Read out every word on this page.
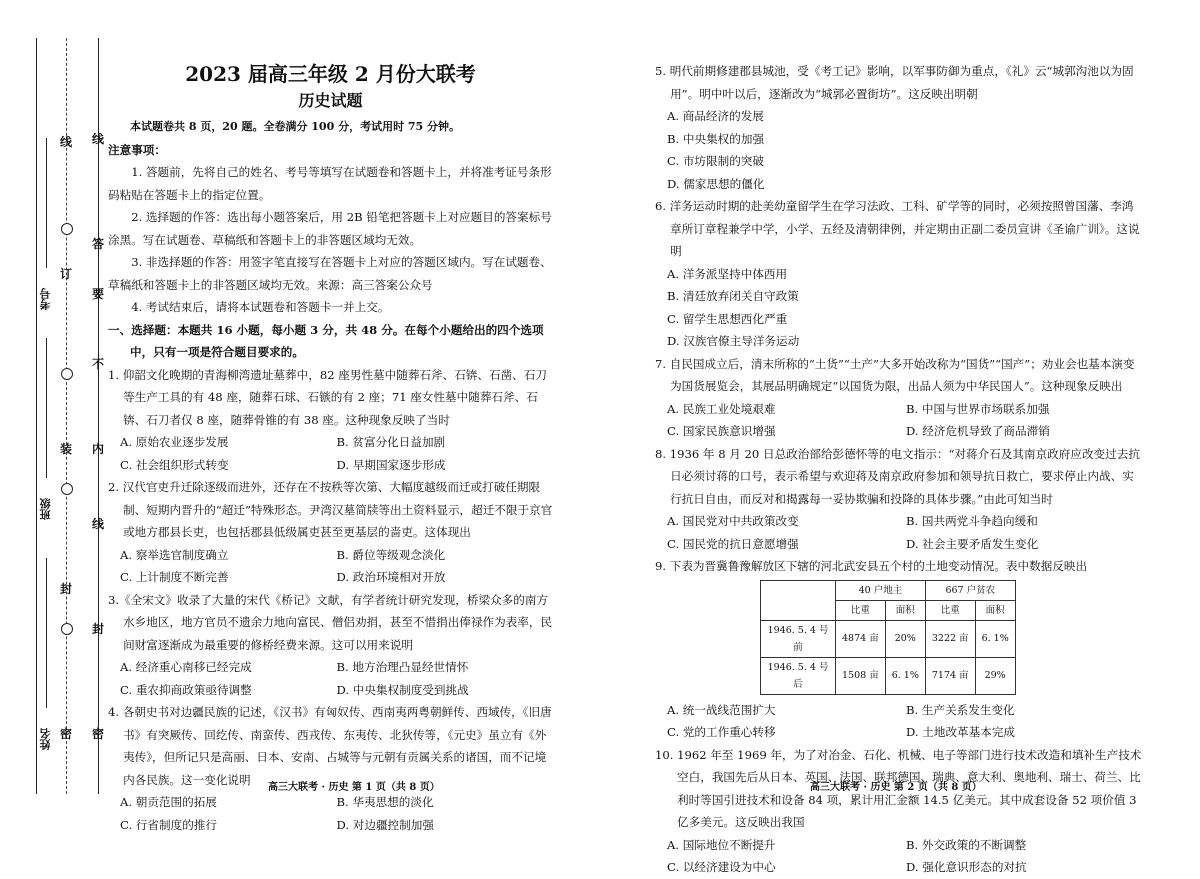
线
答
要
不
内
线
封
密
线
订
装
封
密
考号
班级
姓名

2023 届高三年级 2 月份大联考

历史试题

本试题卷共 8 页，20 题。全卷满分 100 分，考试用时 75 分钟。

注意事项：

1. 答题前，先将自己的姓名、考号等填写在试题卷和答题卡上，并将准考证号条形码粘贴在答题卡上的指定位置。

2. 选择题的作答：选出每小题答案后，用 2B 铅笔把答题卡上对应题目的答案标号涂黑。写在试题卷、草稿纸和答题卡上的非答题区域均无效。

3. 非选择题的作答：用签字笔直接写在答题卡上对应的答题区域内。写在试题卷、草稿纸和答题卡上的非答题区域均无效。来源：高三答案公众号

4. 考试结束后，请将本试题卷和答题卡一并上交。

一、选择题：本题共 16 小题，每小题 3 分，共 48 分。在每个小题给出的四个选项中，只有一项是符合题目要求的。

1. 仰韶文化晚期的青海柳湾遗址墓葬中，82 座男性墓中随葬石斧、石锛、石凿、石刀等生产工具的有 48 座，随葬石球、石镞的有 2 座；71 座女性墓中随葬石斧、石锛、石刀者仅 8 座，随葬骨锥的有 38 座。这种现象反映了当时

A. 原始农业逐步发展	B. 贫富分化日益加剧
C. 社会组织形式转变	D. 早期国家逐步形成

2. 汉代官吏升迁除逐级而进外，还存在不按秩等次第、大幅度越级而迁或打破任期限制、短期内晋升的“超迁”特殊形态。尹湾汉墓简牍等出土资料显示，超迁不限于京官或地方郡县长吏，也包括郡县低级属吏甚至更基层的啬吏。这体现出

A. 察举选官制度确立	B. 爵位等级观念淡化
C. 上计制度不断完善	D. 政治环境相对开放

3.《全宋文》收录了大量的宋代《桥记》文献，有学者统计研究发现，桥梁众多的南方水乡地区，地方官员不遗余力地向富民、僧侣劝捐，甚至不惜捐出俸禄作为表率，民间财富逐渐成为最重要的修桥经费来源。这可以用来说明

A. 经济重心南移已经完成	B. 地方治理凸显经世情怀
C. 重农抑商政策亟待调整	D. 中央集权制度受到挑战

4. 各朝史书对边疆民族的记述，《汉书》有匈奴传、西南夷两粤朝鲜传、西域传，《旧唐书》有突厥传、回纥传、南蛮传、西戎传、东夷传、北狄传等，《元史》虽立有《外夷传》，但所记只是高丽、日本、安南、占城等与元朝有贡属关系的诸国，而不记境内各民族。这一变化说明

A. 朝贡范围的拓展	B. 华夷思想的淡化
C. 行省制度的推行	D. 对边疆控制加强

5. 明代前期修建郡县城池，受《考工记》影响，以军事防御为重点，《礼》云“城郭沟池以为固用”。明中叶以后，逐渐改为“城郭必置街坊”。这反映出明朝

A. 商品经济的发展
B. 中央集权的加强
C. 市坊限制的突破
D. 儒家思想的僵化

6. 洋务运动时期的赴美幼童留学生在学习法政、工科、矿学等的同时，必须按照曾国藩、李鸿章所订章程兼学中学，小学、五经及清朝律例，并定期由正副二委员宣讲《圣谕广训》。这说明

A. 洋务派坚持中体西用
B. 清廷放弃闭关自守政策
C. 留学生思想西化严重
D. 汉族官僚主导洋务运动

7. 自民国成立后，清末所称的“土货”“土产”大多开始改称为“国货”“国产”；劝业会也基本演变为国货展览会，其展品明确规定“以国货为限，出品人须为中华民国人”。这种现象反映出

A. 民族工业处境艰难	B. 中国与世界市场联系加强
C. 国家民族意识增强	D. 经济危机导致了商品滞销

8. 1936 年 8 月 20 日总政治部给彭德怀等的电文指示：“对蒋介石及其南京政府应改变过去抗日必须讨蒋的口号，表示希望与欢迎蒋及南京政府参加和领导抗日救亡，要求停止内战、实行抗日自由，而反对和揭露每一妥协欺骗和投降的具体步骤。”由此可知当时

A. 国民党对中共政策改变	B. 国共两党斗争趋向缓和
C. 国民党的抗日意愿增强	D. 社会主要矛盾发生变化

9. 下表为晋冀鲁豫解放区下辖的河北武安县五个村的土地变动情况。表中数据反映出

	40 户地主		667 户贫农	
	比重	面积	比重	面积
1946. 5. 4 号前	4874 亩	20%	3222 亩	6. 1%
1946. 5. 4 号后	1508 亩	6. 1%	7174 亩	29%
A. 统一战线范围扩大	B. 生产关系发生变化
C. 党的工作重心转移	D. 土地改革基本完成

10. 1962 年至 1969 年，为了对冶金、石化、机械、电子等部门进行技术改造和填补生产技术空白，我国先后从日本、英国、法国、联邦德国、瑞典、意大利、奥地利、瑞士、荷兰、比利时等国引进技术和设备 84 项，累计用汇金额 14.5 亿美元。其中成套设备 52 项价值 3 亿多美元。这反映出我国

A. 国际地位不断提升	B. 外交政策的不断调整
C. 以经济建设为中心	D. 强化意识形态的对抗
高三大联考 · 历史 第 1 页（共 8 页）	高三大联考 · 历史 第 2 页（共 8 页）
